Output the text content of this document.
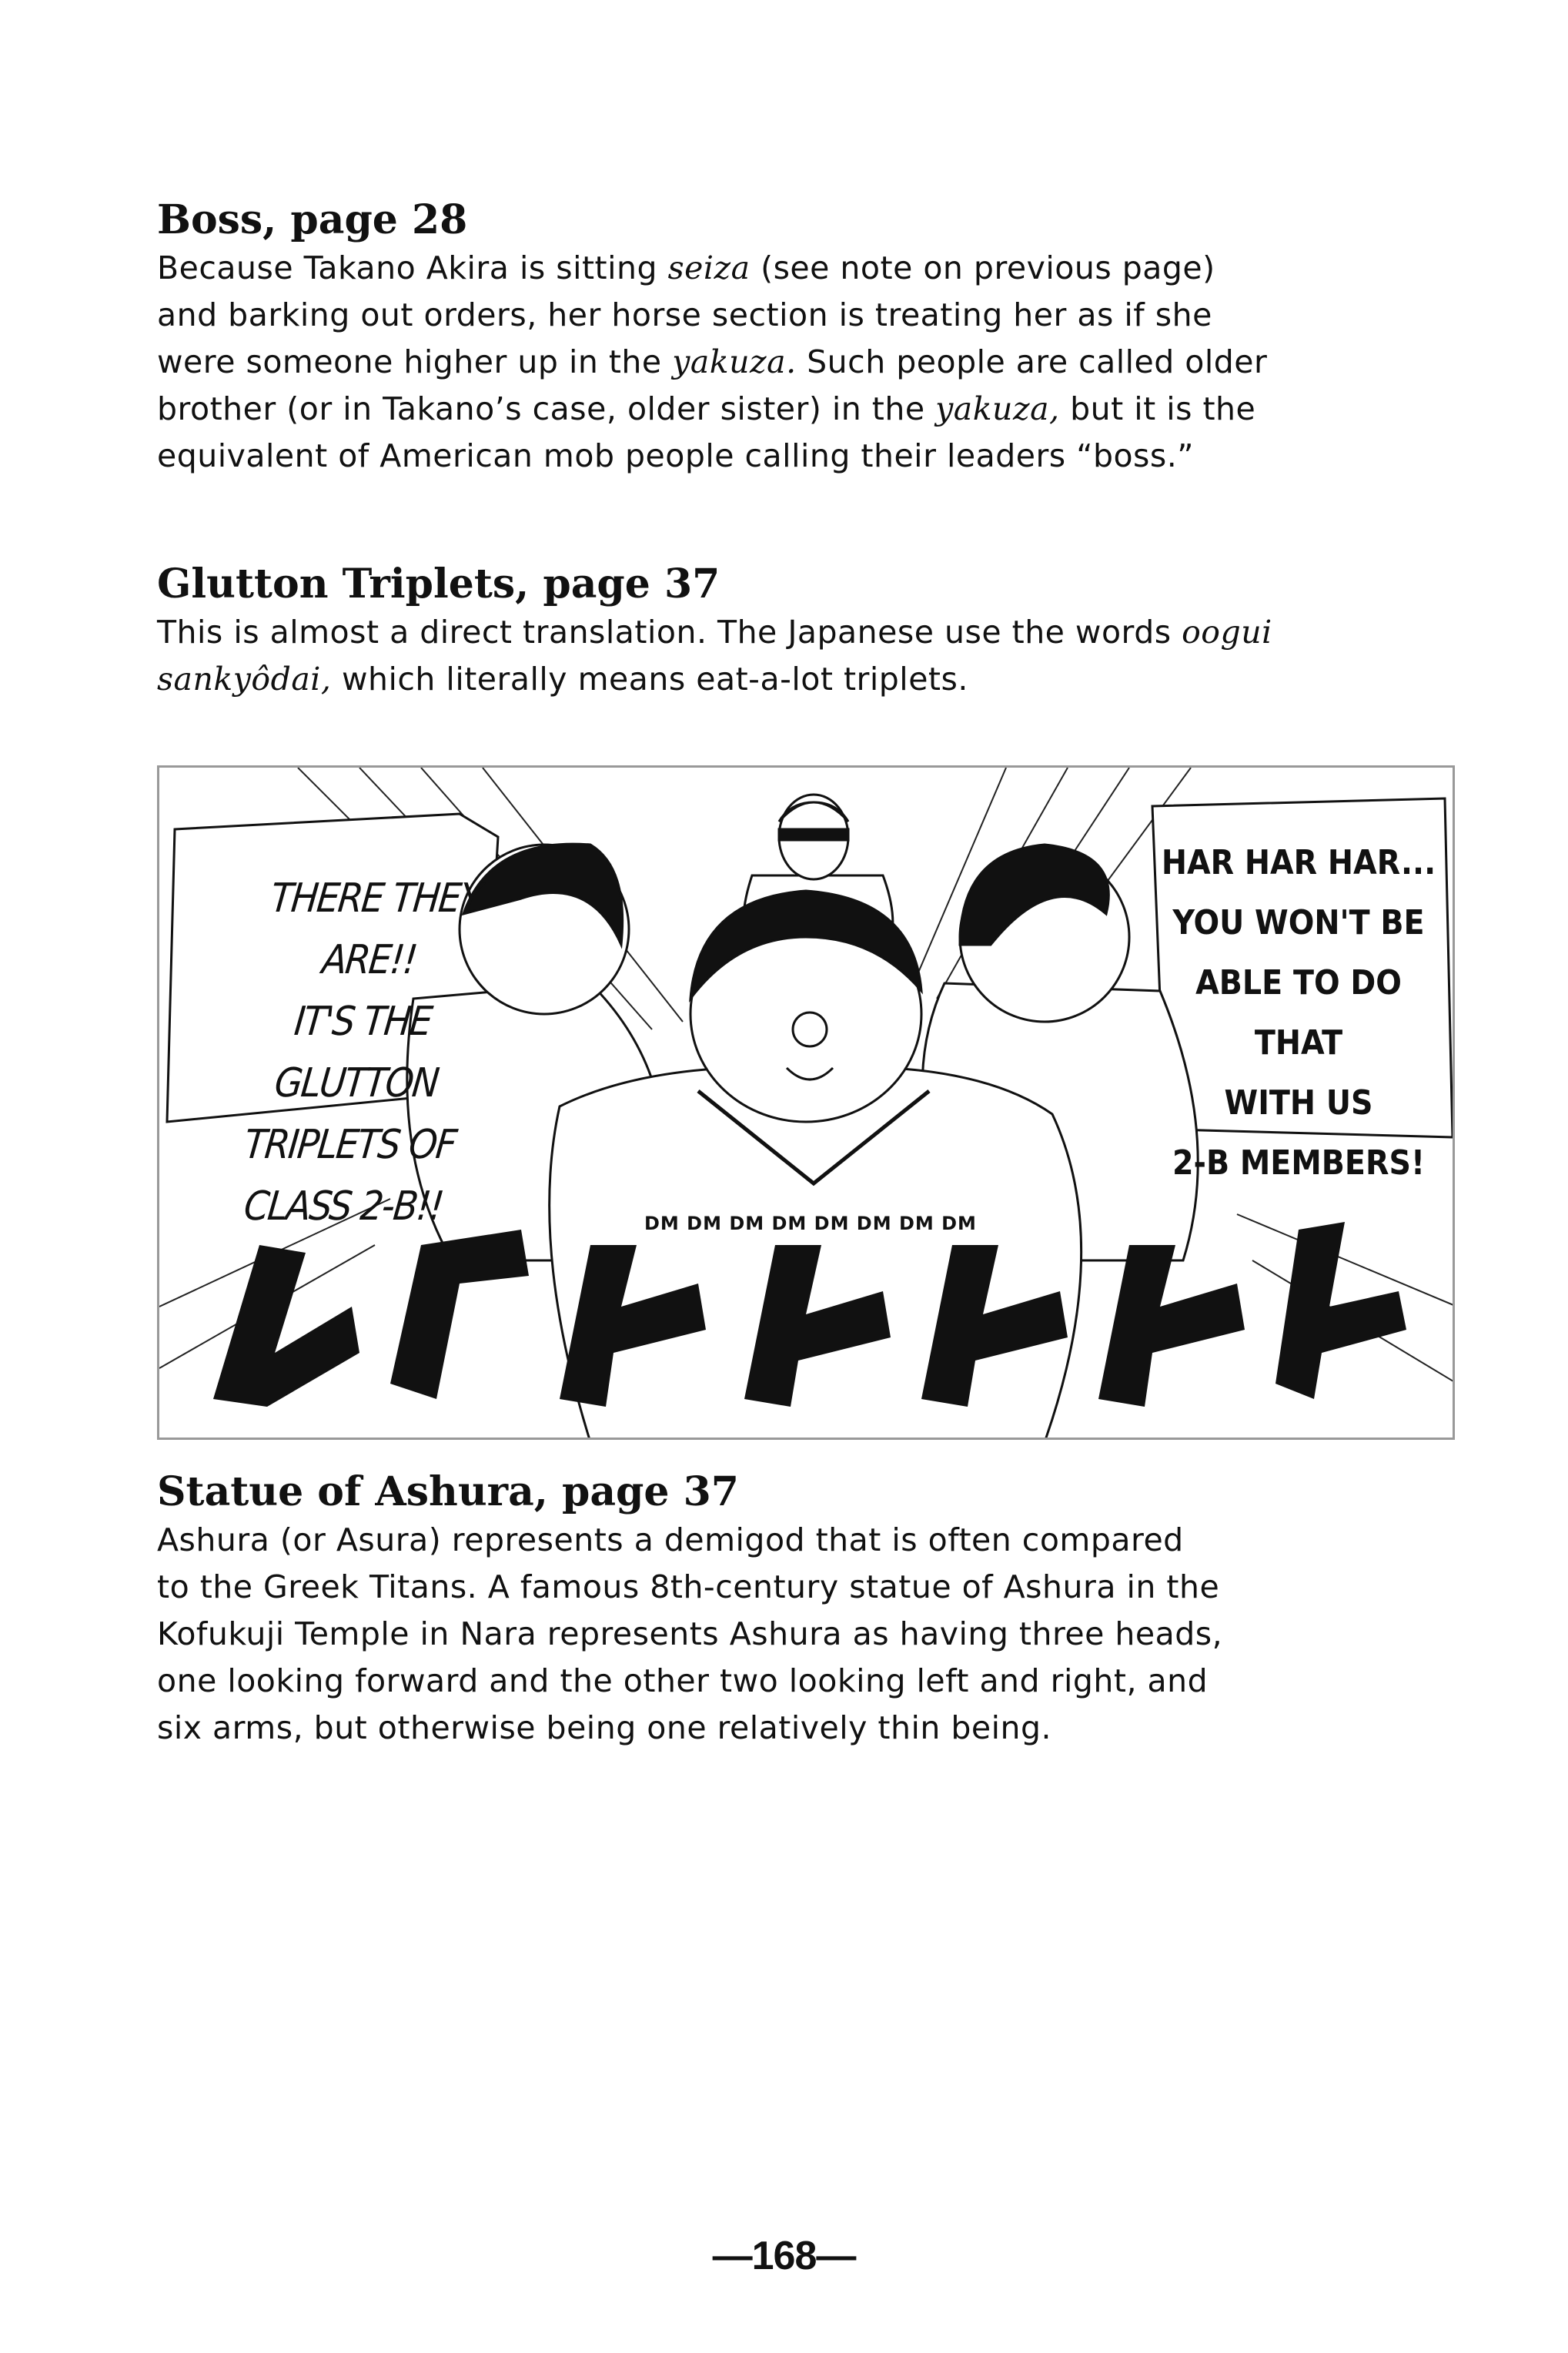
Boss, page 28
Because Takano Akira is sitting seiza (see note on previous page)
and barking out orders, her horse section is treating her as if she
were someone higher up in the yakuza. Such people are called older
brother (or in Takano’s case, older sister) in the yakuza, but it is the
equivalent of American mob people calling their leaders “boss.”
Glutton Triplets, page 37
This is almost a direct translation. The Japanese use the words oogui
sankyôdai, which literally means eat-a-lot triplets.
THERE THEY ARE!!
IT'S THE GLUTTON
TRIPLETS OF
CLASS 2-B!!
HAR HAR HAR...
YOU WON'T BE
ABLE TO DO THAT
WITH US
2-B MEMBERS!
DM DM DM DM DM DM DM DM
Statue of Ashura, page 37
Ashura (or Asura) represents a demigod that is often compared
to the Greek Titans. A famous 8th-century statue of Ashura in the
Kofukuji Temple in Nara represents Ashura as having three heads,
one looking forward and the other two looking left and right, and
six arms, but otherwise being one relatively thin being.
—168—
